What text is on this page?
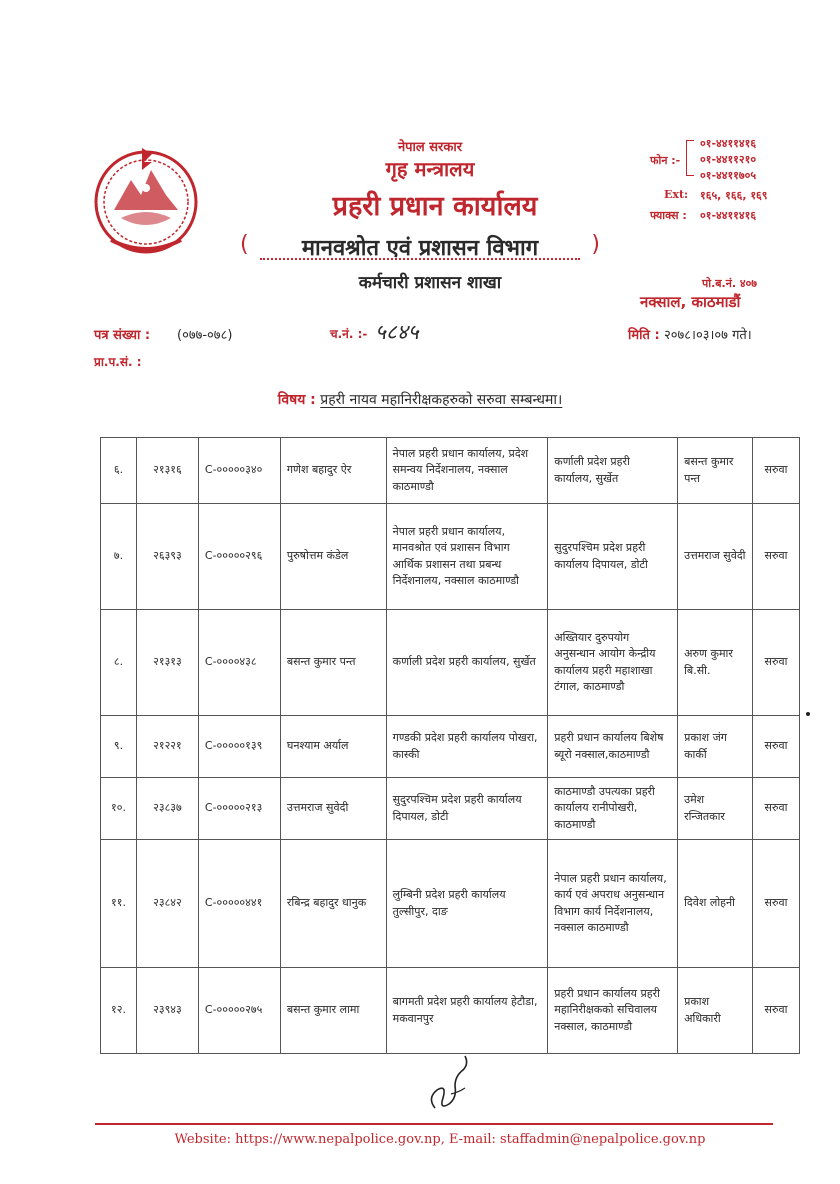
नेपाल सरकार
गृह मन्त्रालय
प्रहरी प्रधान कार्यालय
(	मानवश्रोत एवं प्रशासन विभाग	)
कर्मचारी प्रशासन शाखा
फोन :-
०१-४४११४१६
०१-४४११२१०
०१-४४११७०५
Ext: १६५, १६६, १६९
फ्याक्स : ०१-४४११४१६
पो.ब.नं. ४०७
नक्साल, काठमाडौं
पत्र संख्या : (०७७-०७८)	च.नं. :- ५८४५	मिति : २०७८।०३।०७ गते।
प्रा.प.सं. :
विषय : प्रहरी नायव महानिरीक्षकहरुको सरुवा सम्बन्धमा।
६.	२१३१६	C-०००००३४०	गणेश बहादुर ऐर	नेपाल प्रहरी प्रधान कार्यालय, प्रदेश समन्वय निर्देशनालय, नक्साल काठमाण्डौ	कर्णाली प्रदेश प्रहरी कार्यालय, सुर्खेत	बसन्त कुमार पन्त	सरुवा
७.	२६३९३	C-०००००२९६	पुरुषोत्तम कंडेल	नेपाल प्रहरी प्रधान कार्यालय, मानवश्रोत एवं प्रशासन विभाग आर्थिक प्रशासन तथा प्रबन्ध निर्देशनालय, नक्साल काठमाण्डौ	सुदुरपश्चिम प्रदेश प्रहरी कार्यालय दिपायल, डोटी	उत्तमराज सुवेदी	सरुवा
८.	२१३१३	C-००००४३८	बसन्त कुमार पन्त	कर्णाली प्रदेश प्रहरी कार्यालय, सुर्खेत	अख्तियार दुरुपयोग अनुसन्धान आयोग केन्द्रीय कार्यालय प्रहरी महाशाखा टंगाल, काठमाण्डौ	अरुण कुमार बि.सी.	सरुवा
९.	२१२२१	C-०००००१३९	घनश्याम अर्याल	गण्डकी प्रदेश प्रहरी कार्यालय पोखरा, कास्की	प्रहरी प्रधान कार्यालय बिशेष ब्यूरो नक्साल,काठमाण्डौ	प्रकाश जंग कार्की	सरुवा
१०.	२३८३७	C-०००००२१३	उत्तमराज सुवेदी	सुदुरपश्चिम प्रदेश प्रहरी कार्यालय दिपायल, डोटी	काठमाण्डौ उपत्यका प्रहरी कार्यालय रानीपोखरी, काठमाण्डौ	उमेश रन्जितकार	सरुवा
११.	२३८४२	C-०००००४४१	रबिन्द्र बहादुर धानुक	लुम्बिनी प्रदेश प्रहरी कार्यालय तुल्सीपुर, दाङ	नेपाल प्रहरी प्रधान कार्यालय, कार्य एवं अपराध अनुसन्धान विभाग कार्य निर्देशनालय, नक्साल काठमाण्डौ	दिवेश लोहनी	सरुवा
१२.	२३९४३	C-०००००२७५	बसन्त कुमार लामा	बागमती प्रदेश प्रहरी कार्यालय हेटौडा, मकवानपुर	प्रहरी प्रधान कार्यालय प्रहरी महानिरीक्षकको सचिवालय नक्साल, काठमाण्डौ	प्रकाश अधिकारी	सरुवा
Website: https://www.nepalpolice.gov.np, E-mail: staffadmin@nepalpolice.gov.np
